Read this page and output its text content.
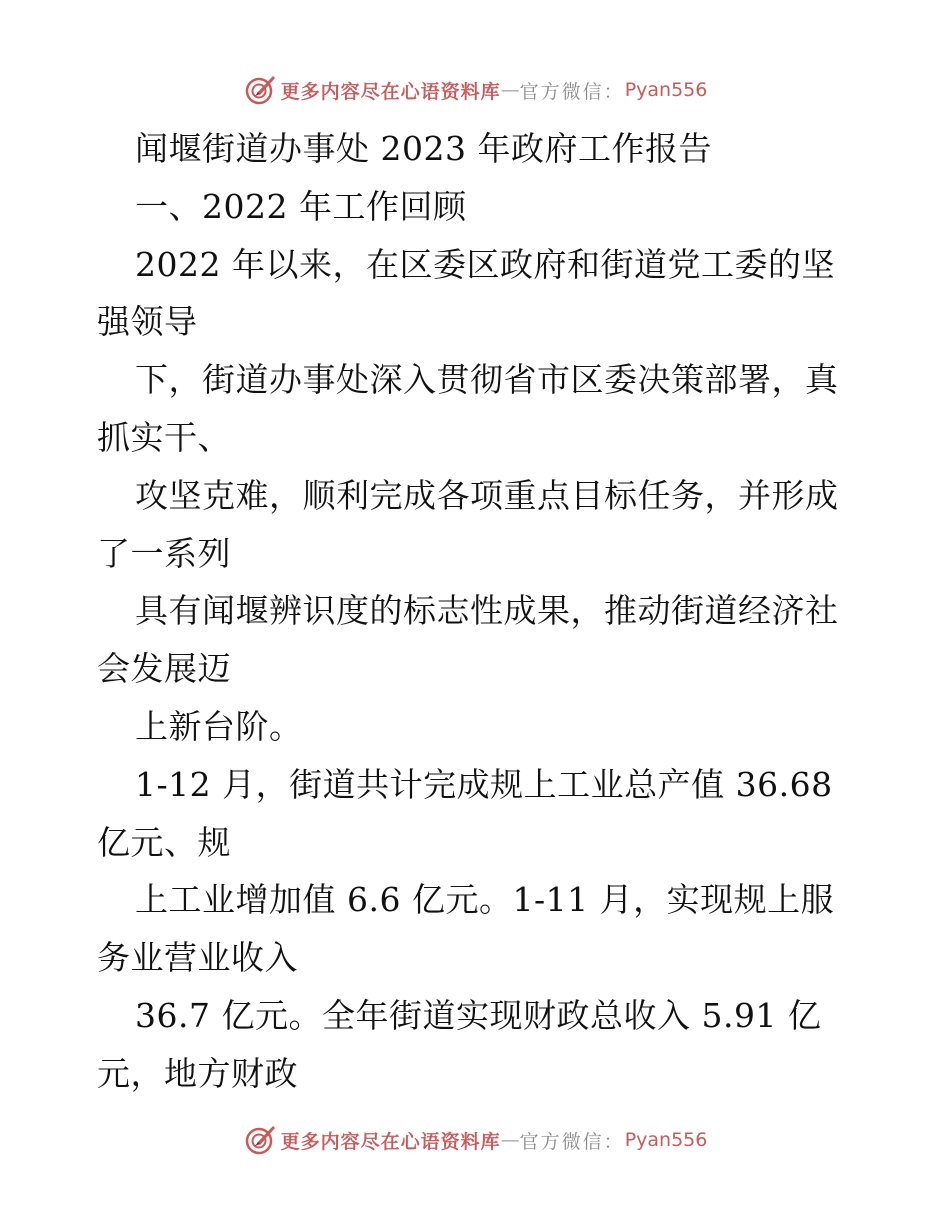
更多内容尽在心语资料库 — 官方微信： Pyan556
闻堰街道办事处 2023 年政府工作报告
一、2022 年工作回顾
2022 年以来，在区委区政府和街道党工委的坚
强领导
下，街道办事处深入贯彻省市区委决策部署，真
抓实干、
攻坚克难，顺利完成各项重点目标任务，并形成
了一系列
具有闻堰辨识度的标志性成果，推动街道经济社
会发展迈
上新台阶。
1-12 月，街道共计完成规上工业总产值 36.68
亿元、规
上工业增加值 6.6 亿元。1-11 月，实现规上服
务业营业收入
36.7 亿元。全年街道实现财政总收入 5.91 亿
元，地方财政
更多内容尽在心语资料库 — 官方微信： Pyan556
